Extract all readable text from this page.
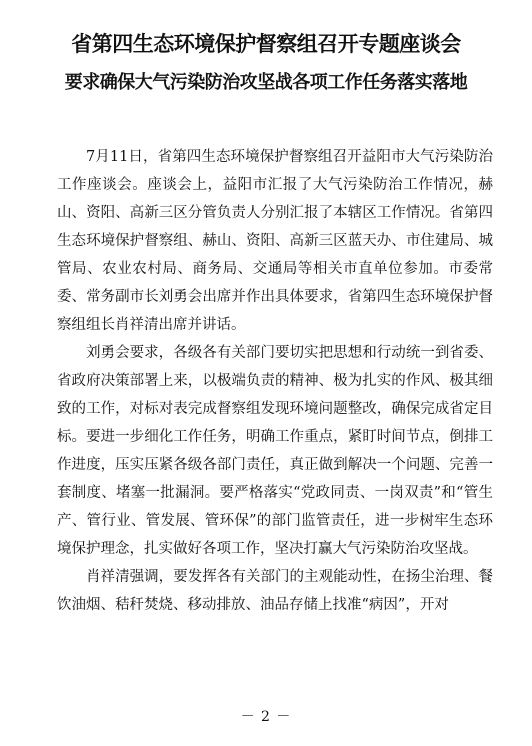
省第四生态环境保护督察组召开专题座谈会
要求确保大气污染防治攻坚战各项工作任务落实落地

7月11日，省第四生态环境保护督察组召开益阳市大气污染防治工作座谈会。座谈会上，益阳市汇报了大气污染防治工作情况，赫山、资阳、高新三区分管负责人分别汇报了本辖区工作情况。省第四生态环境保护督察组、赫山、资阳、高新三区蓝天办、市住建局、城管局、农业农村局、商务局、交通局等相关市直单位参加。市委常委、常务副市长刘勇会出席并作出具体要求，省第四生态环境保护督察组组长肖祥清出席并讲话。

刘勇会要求，各级各有关部门要切实把思想和行动统一到省委、省政府决策部署上来，以极端负责的精神、极为扎实的作风、极其细致的工作，对标对表完成督察组发现环境问题整改，确保完成省定目标。要进一步细化工作任务，明确工作重点，紧盯时间节点，倒排工作进度，压实压紧各级各部门责任，真正做到解决一个问题、完善一套制度、堵塞一批漏洞。要严格落实“党政同责、一岗双责”和“管生产、管行业、管发展、管环保”的部门监管责任，进一步树牢生态环境保护理念，扎实做好各项工作，坚决打赢大气污染防治攻坚战。

肖祥清强调，要发挥各有关部门的主观能动性，在扬尘治理、餐饮油烟、秸秆焚烧、移动排放、油品存储上找准“病因”，开对

－ 2 －
